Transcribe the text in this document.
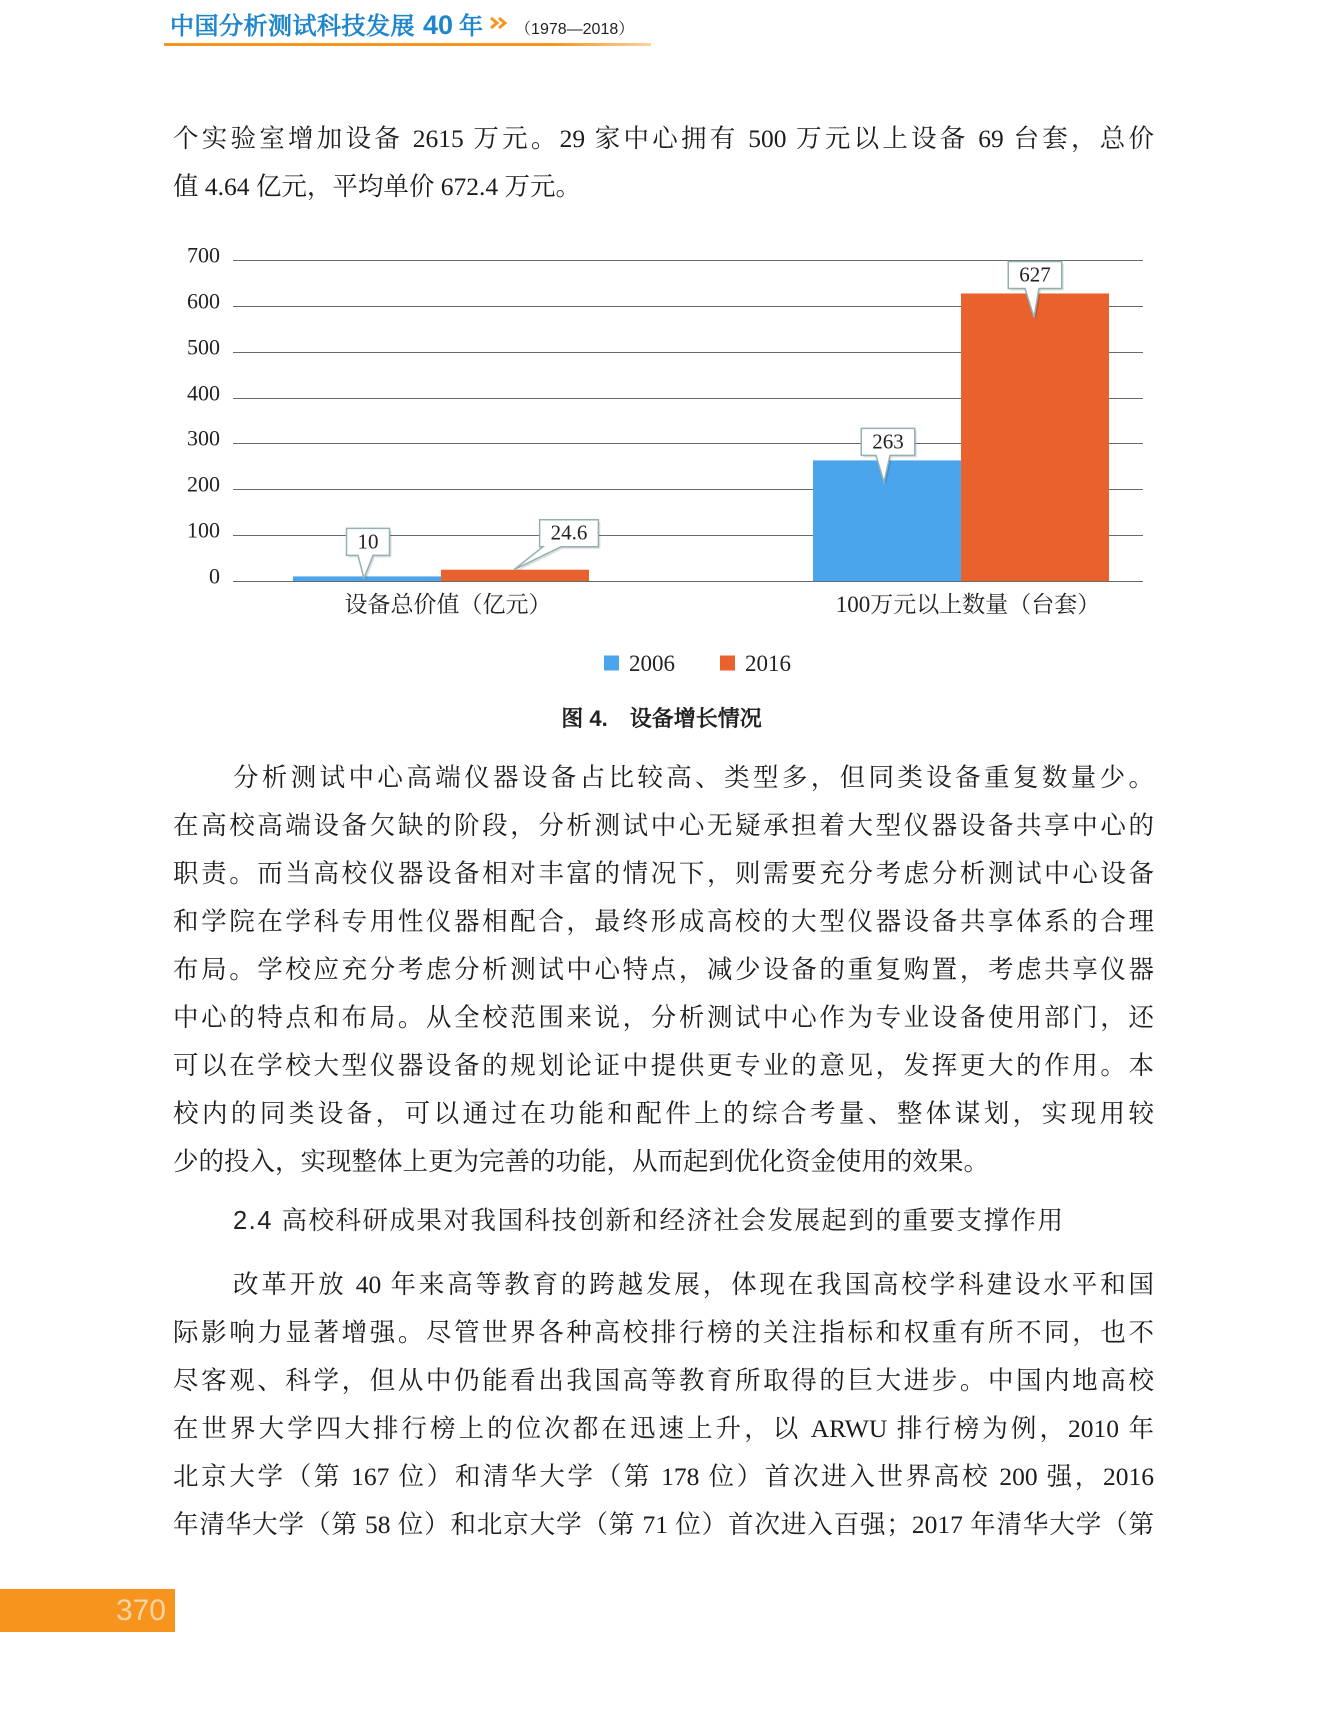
中国分析测试科技发展 40 年 （1978—2018）
个实验室增加设备 2615 万元。29 家中心拥有 500 万元以上设备 69 台套，总价
值 4.64 亿元，平均单价 672.4 万元。
0
100
200
300
400
500
600
700
10
263
24.6
627
设备总价值（亿元）	100万元以上数量（台套）
2006	2016
图 4. 设备增长情况
分析测试中心高端仪器设备占比较高、类型多，但同类设备重复数量少。
在高校高端设备欠缺的阶段，分析测试中心无疑承担着大型仪器设备共享中心的
职责。而当高校仪器设备相对丰富的情况下，则需要充分考虑分析测试中心设备
和学院在学科专用性仪器相配合，最终形成高校的大型仪器设备共享体系的合理
布局。学校应充分考虑分析测试中心特点，减少设备的重复购置，考虑共享仪器
中心的特点和布局。从全校范围来说，分析测试中心作为专业设备使用部门，还
可以在学校大型仪器设备的规划论证中提供更专业的意见，发挥更大的作用。本
校内的同类设备，可以通过在功能和配件上的综合考量、整体谋划，实现用较
少的投入，实现整体上更为完善的功能，从而起到优化资金使用的效果。
2.4 高校科研成果对我国科技创新和经济社会发展起到的重要支撑作用
改革开放 40 年来高等教育的跨越发展，体现在我国高校学科建设水平和国
际影响力显著增强。尽管世界各种高校排行榜的关注指标和权重有所不同，也不
尽客观、科学，但从中仍能看出我国高等教育所取得的巨大进步。中国内地高校
在世界大学四大排行榜上的位次都在迅速上升，以 ARWU 排行榜为例，2010 年
北京大学（第 167 位）和清华大学（第 178 位）首次进入世界高校 200 强，2016
年清华大学（第 58 位）和北京大学（第 71 位）首次进入百强；2017 年清华大学（第
370
